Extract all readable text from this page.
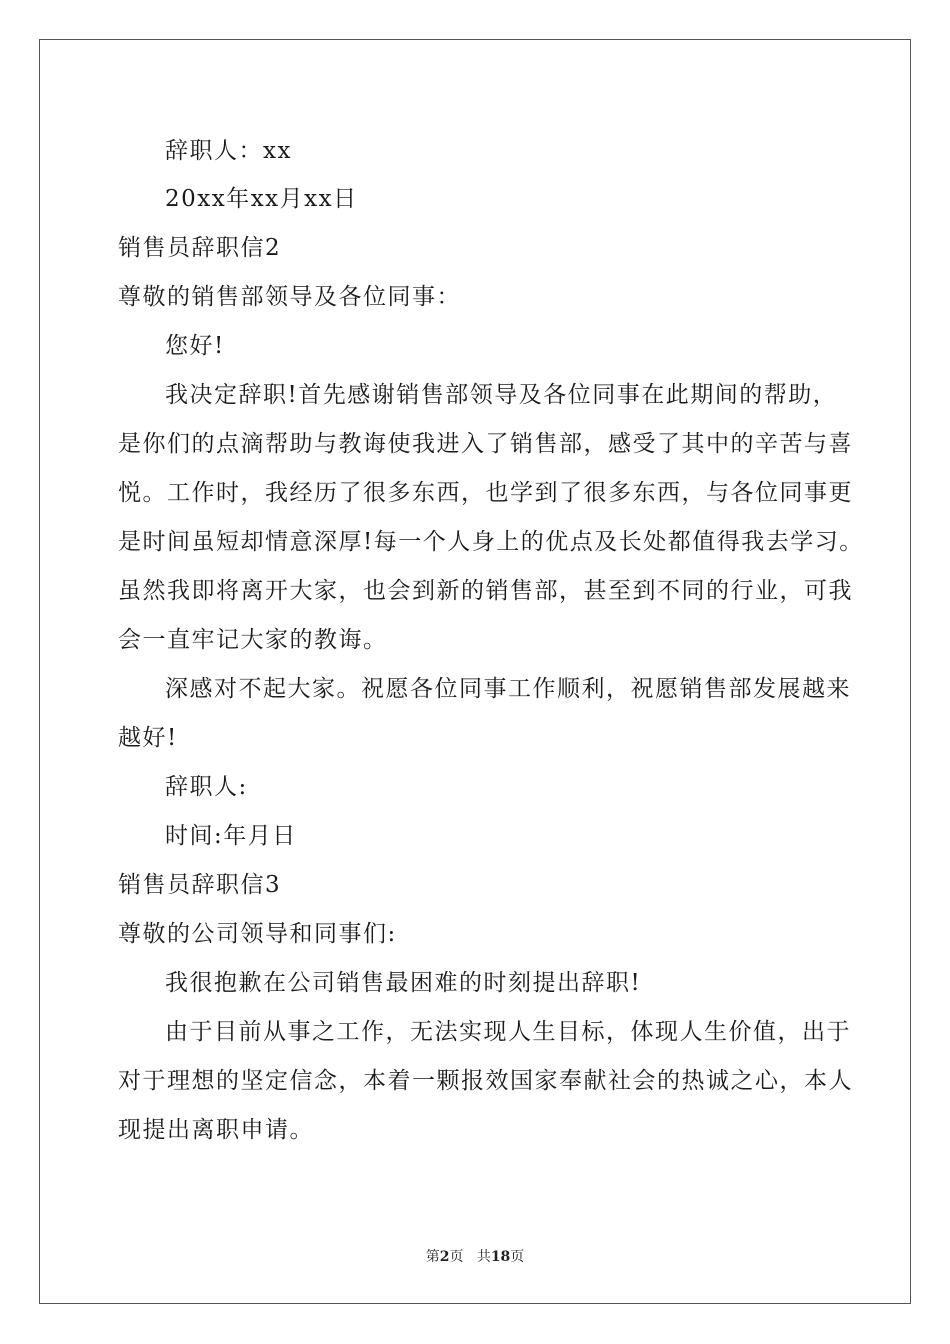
辞职人：xx
20xx年xx月xx日
销售员辞职信2
尊敬的销售部领导及各位同事：
您好!
我决定辞职!首先感谢销售部领导及各位同事在此期间的帮助，
是你们的点滴帮助与教诲使我进入了销售部，感受了其中的辛苦与喜
悦。工作时，我经历了很多东西，也学到了很多东西，与各位同事更
是时间虽短却情意深厚!每一个人身上的优点及长处都值得我去学习。
虽然我即将离开大家，也会到新的销售部，甚至到不同的行业，可我
会一直牢记大家的教诲。
深感对不起大家。祝愿各位同事工作顺利，祝愿销售部发展越来
越好!
辞职人:
时间:年月日
销售员辞职信3
尊敬的公司领导和同事们:
我很抱歉在公司销售最困难的时刻提出辞职!
由于目前从事之工作，无法实现人生目标，体现人生价值，出于
对于理想的坚定信念，本着一颗报效国家奉献社会的热诚之心，本人
现提出离职申请。
第2页 共18页
